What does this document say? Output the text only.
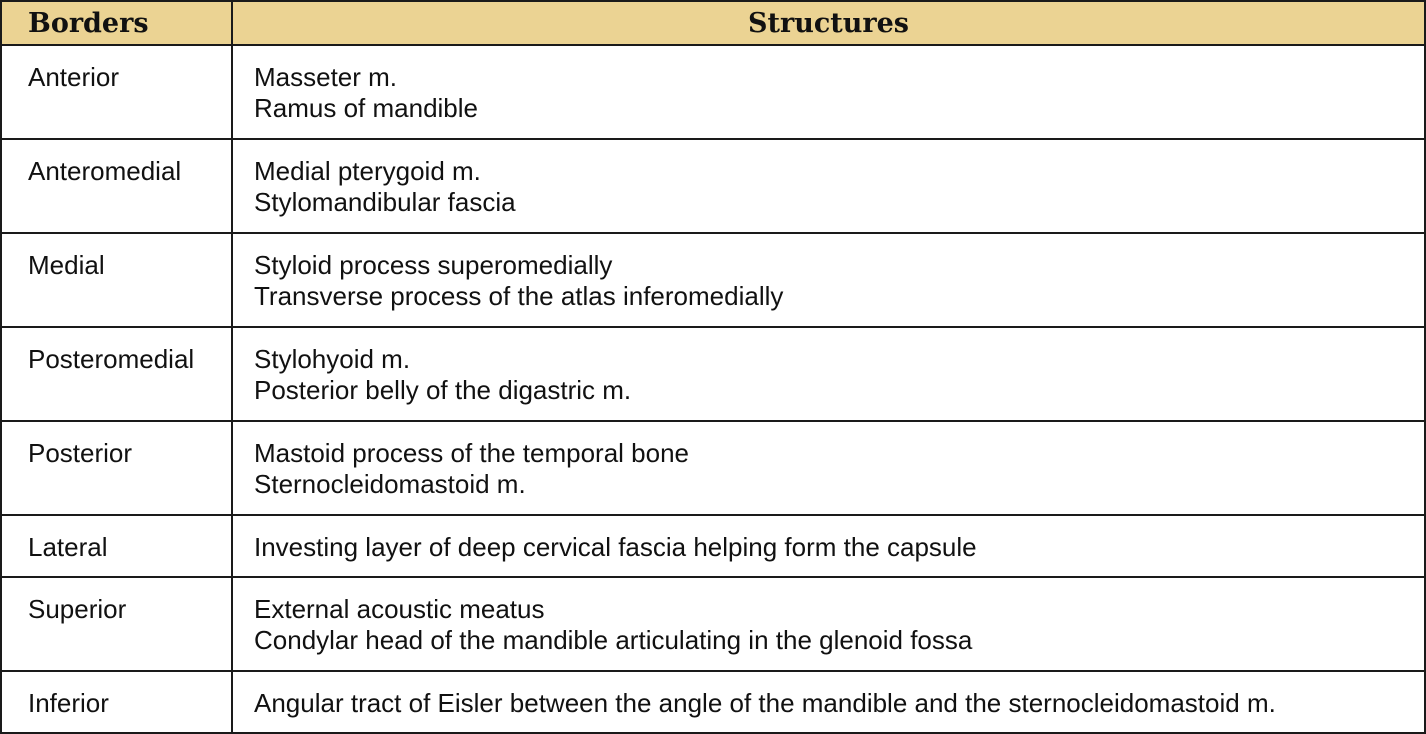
Borders	Structures
Anterior	Masseter m.
Ramus of mandible

Anteromedial	Medial pterygoid m.
Stylomandibular fascia

Medial	Styloid process superomedially
Transverse process of the atlas inferomedially

Posteromedial	Stylohyoid m.
Posterior belly of the digastric m.

Posterior	Mastoid process of the temporal bone
Sternocleidomastoid m.

Lateral	Investing layer of deep cervical fascia helping form the capsule

Superior	External acoustic meatus
Condylar head of the mandible articulating in the glenoid fossa

Inferior	Angular tract of Eisler between the angle of the mandible and the sternocleidomastoid m.
